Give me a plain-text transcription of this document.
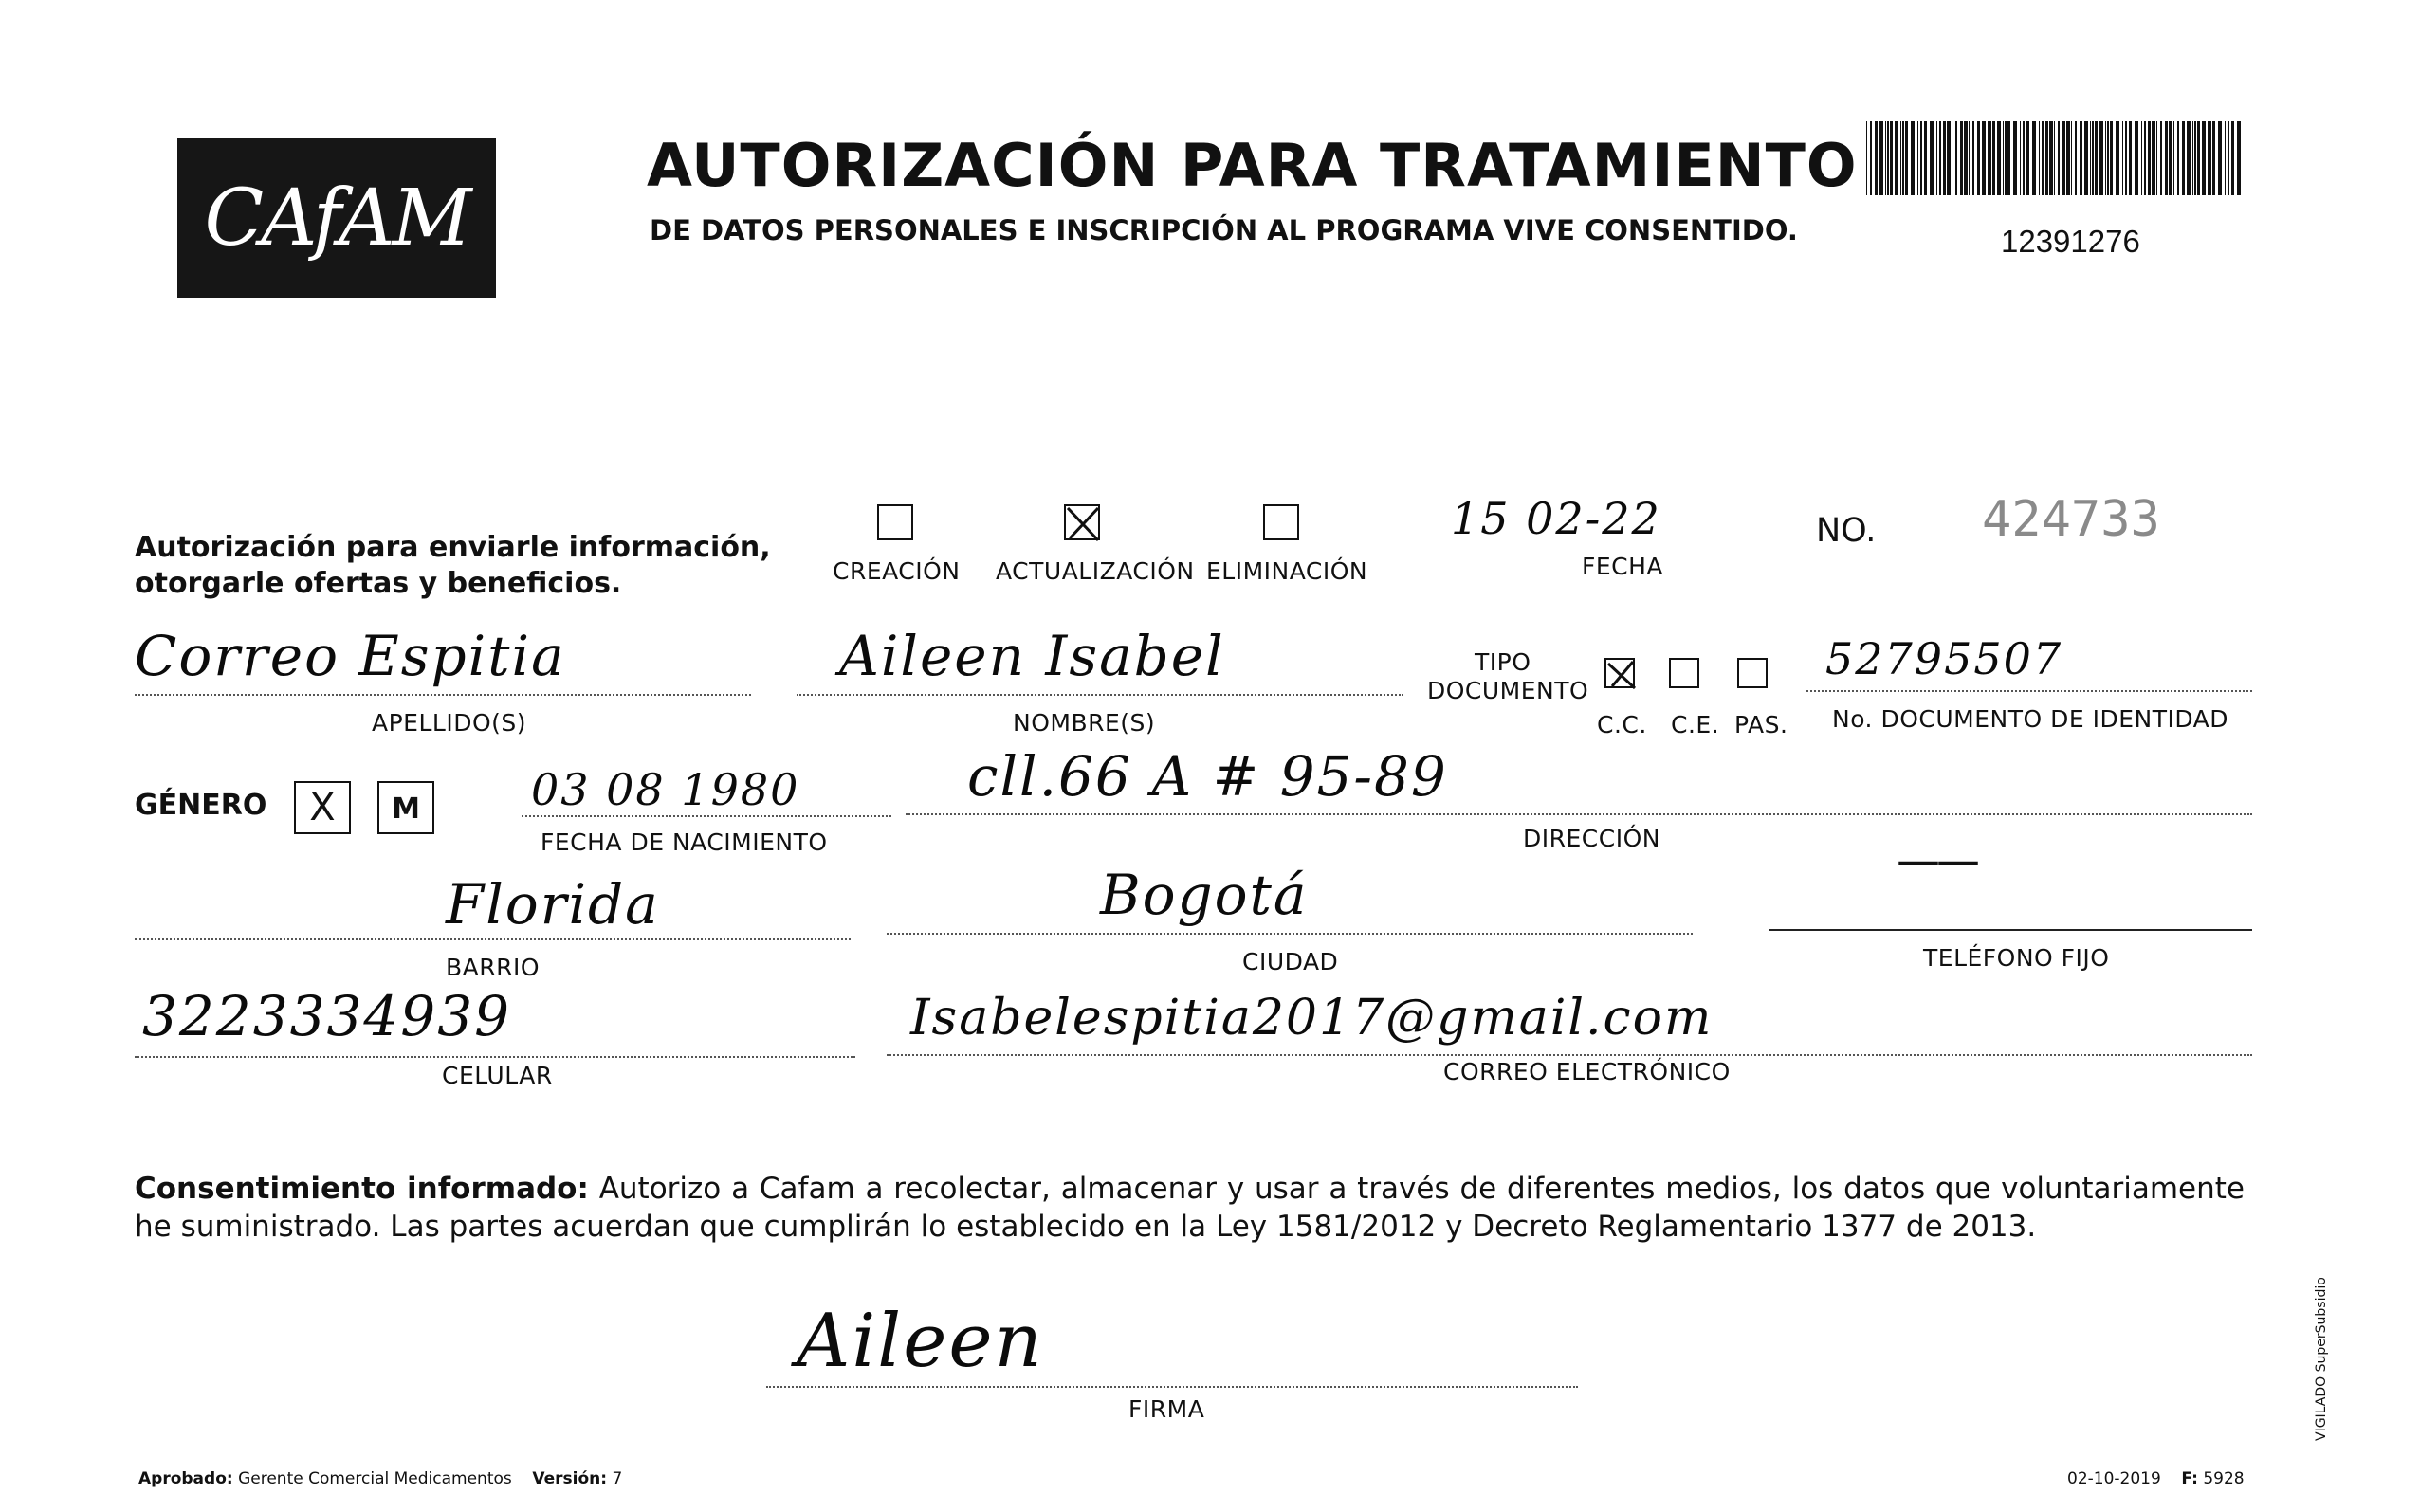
CAfAM
AUTORIZACIÓN PARA TRATAMIENTO
DE DATOS PERSONALES E INSCRIPCIÓN AL PROGRAMA VIVE CONSENTIDO.	12391276
Autorización para enviarle información,
otorgarle ofertas y beneficios.	CREACIÓN ACTUALIZACIÓN ELIMINACIÓN
15 02-22
FECHA
NO. 424733
Correo Espitia
APELLIDO(S)
Aileen Isabel
NOMBRE(S)
TIPO
DOCUMENTO
C.C. C.E. PAS.
52795507
No. DOCUMENTO DE IDENTIDAD
GÉNERO	X	M	03 08 1980
FECHA DE NACIMIENTO
cll.66 A # 95-89
DIRECCIÓN
Florida
BARRIO
Bogotá
CIUDAD
——
TELÉFONO FIJO
3223334939
CELULAR
Isabelespitia2017@gmail.com
CORREO ELECTRÓNICO
Consentimiento informado: Autorizo a Cafam a recolectar, almacenar y usar a través de diferentes medios, los datos que voluntariamente he suministrado. Las partes acuerdan que cumplirán lo establecido en la Ley 1581/2012 y Decreto Reglamentario 1377 de 2013.
Aileen
FIRMA
Aprobado: Gerente Comercial Medicamentos Versión: 7	02-10-2019 F: 5928
VIGILADO SuperSubsidio
